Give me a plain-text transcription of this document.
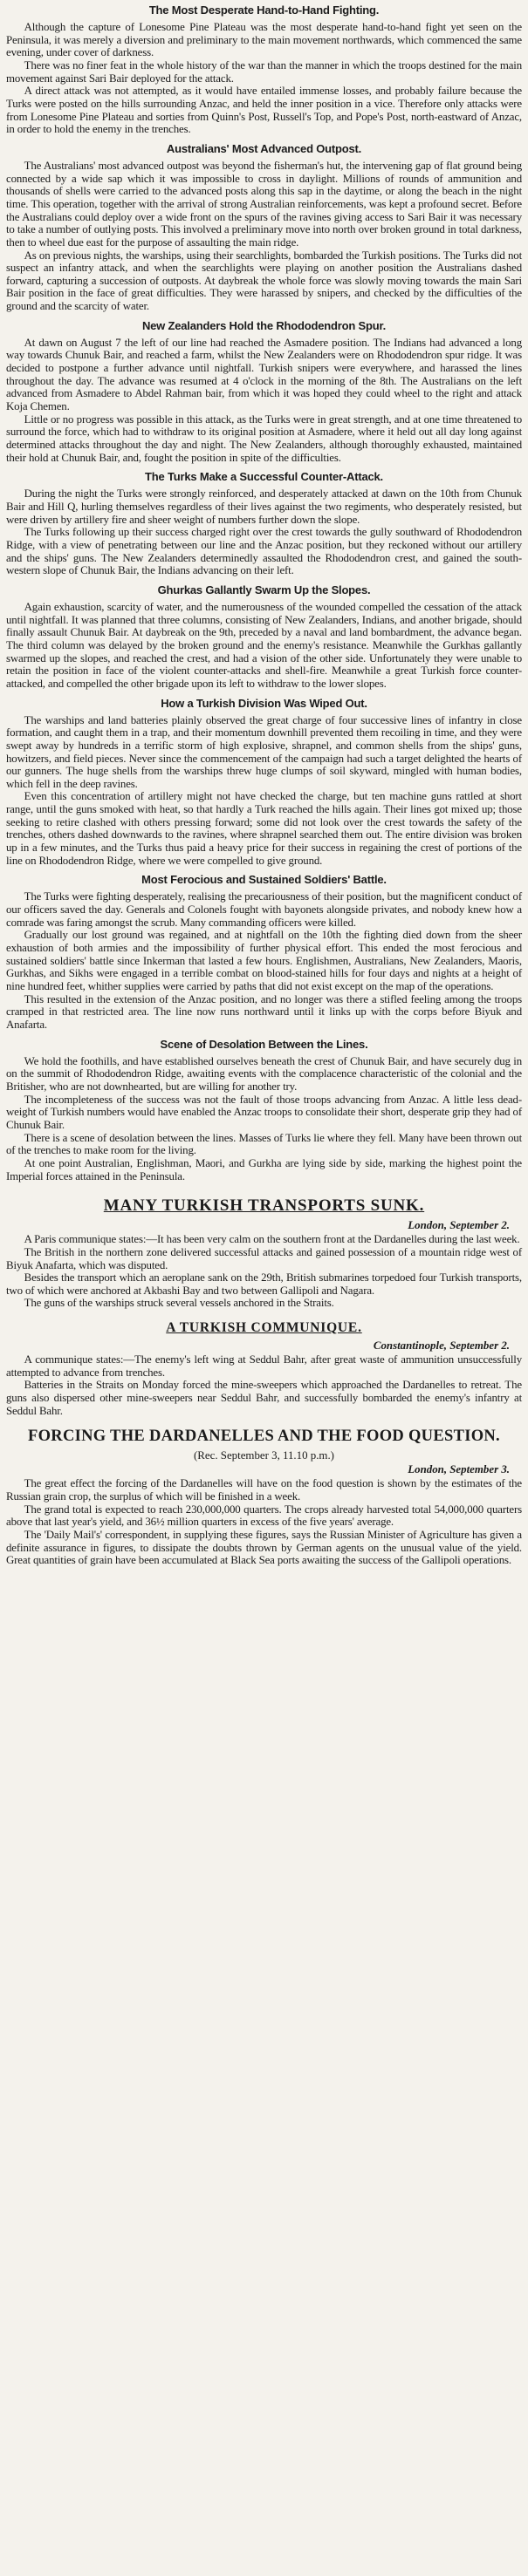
The Most Desperate Hand-to-Hand Fighting.

Although the capture of Lonesome Pine Plateau was the most desperate hand-to-hand fight yet seen on the Peninsula, it was merely a diversion and preliminary to the main movement northwards, which commenced the same evening, under cover of darkness.

There was no finer feat in the whole history of the war than the manner in which the troops destined for the main movement against Sari Bair deployed for the attack.

A direct attack was not attempted, as it would have entailed immense losses, and probably failure because the Turks were posted on the hills surrounding Anzac, and held the inner position in a vice. Therefore only attacks were from Lonesome Pine Plateau and sorties from Quinn's Post, Russell's Top, and Pope's Post, north-eastward of Anzac, in order to hold the enemy in the trenches.

Australians' Most Advanced Outpost.

The Australians' most advanced outpost was beyond the fisherman's hut, the intervening gap of flat ground being connected by a wide sap which it was impossible to cross in daylight. Millions of rounds of ammunition and thousands of shells were carried to the advanced posts along this sap in the daytime, or along the beach in the night time. This operation, together with the arrival of strong Australian reinforcements, was kept a profound secret. Before the Australians could deploy over a wide front on the spurs of the ravines giving access to Sari Bair it was necessary to take a number of outlying posts. This involved a preliminary move into north over broken ground in total darkness, then to wheel due east for the purpose of assaulting the main ridge.

As on previous nights, the warships, using their searchlights, bombarded the Turkish positions. The Turks did not suspect an infantry attack, and when the searchlights were playing on another position the Australians dashed forward, capturing a succession of outposts. At daybreak the whole force was slowly moving towards the main Sari Bair position in the face of great difficulties. They were harassed by snipers, and checked by the difficulties of the ground and the scarcity of water.

New Zealanders Hold the Rhododendron Spur.

At dawn on August 7 the left of our line had reached the Asmadere position. The Indians had advanced a long way towards Chunuk Bair, and reached a farm, whilst the New Zealanders were on Rhododendron spur ridge. It was decided to postpone a further advance until nightfall. Turkish snipers were everywhere, and harassed the lines throughout the day. The advance was resumed at 4 o'clock in the morning of the 8th. The Australians on the left advanced from Asmadere to Abdel Rahman bair, from which it was hoped they could wheel to the right and attack Koja Chemen.

Little or no progress was possible in this attack, as the Turks were in great strength, and at one time threatened to surround the force, which had to withdraw to its original position at Asmadere, where it held out all day long against determined attacks throughout the day and night. The New Zealanders, although thoroughly exhausted, maintained their hold at Chunuk Bair, and, fought the position in spite of the difficulties.

The Turks Make a Successful Counter-Attack.

During the night the Turks were strongly reinforced, and desperately attacked at dawn on the 10th from Chunuk Bair and Hill Q, hurling themselves regardless of their lives against the two regiments, who desperately resisted, but were driven by artillery fire and sheer weight of numbers further down the slope.

The Turks following up their success charged right over the crest towards the gully southward of Rhododendron Ridge, with a view of penetrating between our line and the Anzac position, but they reckoned without our artillery and the ships' guns. The New Zealanders determinedly assaulted the Rhododendron crest, and gained the south-western slope of Chunuk Bair, the Indians advancing on their left.

Ghurkas Gallantly Swarm Up the Slopes.

Again exhaustion, scarcity of water, and the numerousness of the wounded compelled the cessation of the attack until nightfall. It was planned that three columns, consisting of New Zealanders, Indians, and another brigade, should finally assault Chunuk Bair. At daybreak on the 9th, preceded by a naval and land bombardment, the advance began. The third column was delayed by the broken ground and the enemy's resistance. Meanwhile the Gurkhas gallantly swarmed up the slopes, and reached the crest, and had a vision of the other side. Unfortunately they were unable to retain the position in face of the violent counter-attacks and shell-fire. Meanwhile a great Turkish force counter-attacked, and compelled the other brigade upon its left to withdraw to the lower slopes.

How a Turkish Division Was Wiped Out.

The warships and land batteries plainly observed the great charge of four successive lines of infantry in close formation, and caught them in a trap, and their momentum downhill prevented them recoiling in time, and they were swept away by hundreds in a terrific storm of high explosive, shrapnel, and common shells from the ships' guns, howitzers, and field pieces. Never since the commencement of the campaign had such a target delighted the hearts of our gunners. The huge shells from the warships threw huge clumps of soil skyward, mingled with human bodies, which fell in the deep ravines.

Even this concentration of artillery might not have checked the charge, but ten machine guns rattled at short range, until the guns smoked with heat, so that hardly a Turk reached the hills again. Their lines got mixed up; those seeking to retire clashed with others pressing forward; some did not look over the crest towards the safety of the trenches, others dashed downwards to the ravines, where shrapnel searched them out. The entire division was broken up in a few minutes, and the Turks thus paid a heavy price for their success in regaining the crest of portions of the line on Rhododendron Ridge, where we were compelled to give ground.

Most Ferocious and Sustained Soldiers' Battle.

The Turks were fighting desperately, realising the precariousness of their position, but the magnificent conduct of our officers saved the day. Generals and Colonels fought with bayonets alongside privates, and nobody knew how a comrade was faring amongst the scrub. Many commanding officers were killed.

Gradually our lost ground was regained, and at nightfall on the 10th the fighting died down from the sheer exhaustion of both armies and the impossibility of further physical effort. This ended the most ferocious and sustained soldiers' battle since Inkerman that lasted a few hours. Englishmen, Australians, New Zealanders, Maoris, Gurkhas, and Sikhs were engaged in a terrible combat on blood-stained hills for four days and nights at a height of nine hundred feet, whither supplies were carried by paths that did not exist except on the map of the operations.

This resulted in the extension of the Anzac position, and no longer was there a stifled feeling among the troops cramped in that restricted area. The line now runs northward until it links up with the corps before Biyuk and Anafarta.

Scene of Desolation Between the Lines.

We hold the foothills, and have established ourselves beneath the crest of Chunuk Bair, and have securely dug in on the summit of Rhododendron Ridge, awaiting events with the complacence characteristic of the colonial and the Britisher, who are not downhearted, but are willing for another try.

The incompleteness of the success was not the fault of those troops advancing from Anzac. A little less dead-weight of Turkish numbers would have enabled the Anzac troops to consolidate their short, desperate grip they had of Chunuk Bair.

There is a scene of desolation between the lines. Masses of Turks lie where they fell. Many have been thrown out of the trenches to make room for the living.

At one point Australian, Englishman, Maori, and Gurkha are lying side by side, marking the highest point the Imperial forces attained in the Peninsula.

MANY TURKISH TRANSPORTS SUNK.
London, September 2.

A Paris communique states:—It has been very calm on the southern front at the Dardanelles during the last week.

The British in the northern zone delivered successful attacks and gained possession of a mountain ridge west of Biyuk Anafarta, which was disputed.

Besides the transport which an aeroplane sank on the 29th, British submarines torpedoed four Turkish transports, two of which were anchored at Akbashi Bay and two between Gallipoli and Nagara.

The guns of the warships struck several vessels anchored in the Straits.

A TURKISH COMMUNIQUE.
Constantinople, September 2.

A communique states:—The enemy's left wing at Seddul Bahr, after great waste of ammunition unsuccessfully attempted to advance from trenches.

Batteries in the Straits on Monday forced the mine-sweepers which approached the Dardanelles to retreat. The guns also dispersed other mine-sweepers near Seddul Bahr, and successfully bombarded the enemy's infantry at Seddul Bahr.

FORCING THE DARDANELLES AND THE FOOD QUESTION.
(Rec. September 3, 11.10 p.m.)
London, September 3.

The great effect the forcing of the Dardanelles will have on the food question is shown by the estimates of the Russian grain crop, the surplus of which will be finished in a week.

The grand total is expected to reach 230,000,000 quarters. The crops already harvested total 54,000,000 quarters above that last year's yield, and 36½ million quarters in excess of the five years' average.

The 'Daily Mail's' correspondent, in supplying these figures, says the Russian Minister of Agriculture has given a definite assurance in figures, to dissipate the doubts thrown by German agents on the unusual value of the yield. Great quantities of grain have been accumulated at Black Sea ports awaiting the success of the Gallipoli operations.
